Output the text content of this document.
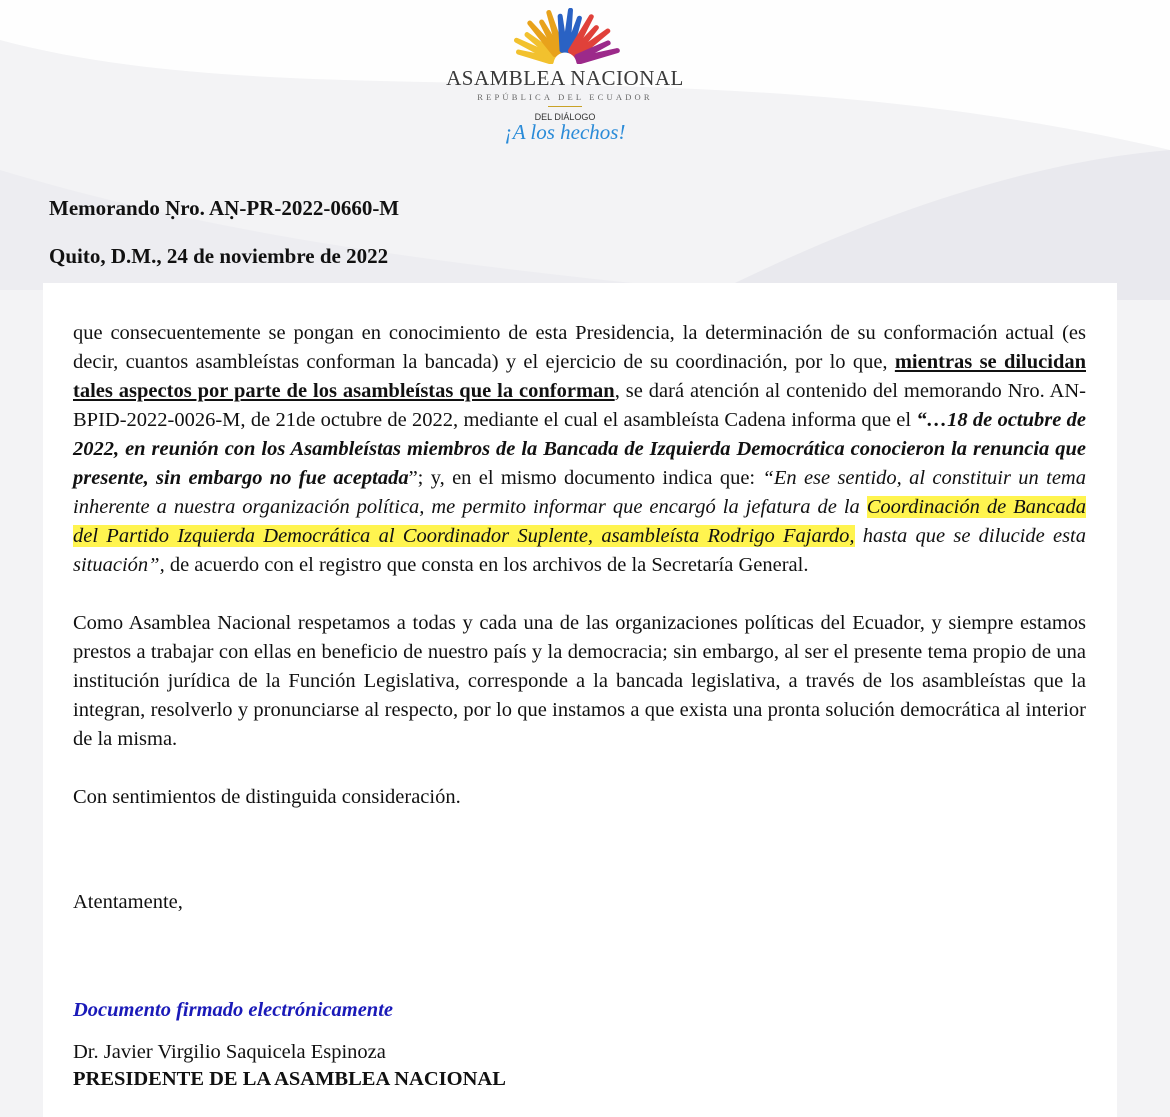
ASAMBLEA NACIONAL
REPÚBLICA DEL ECUADOR
DEL DIÁLOGO
¡A los hechos!
Memorando Ṇro. AṆ-PR-2022-0660-M
Quito, D.M., 24 de noviembre de 2022

que consecuentemente se pongan en conocimiento de esta Presidencia, la determinación de su conformación actual (es decir, cuantos asambleístas conforman la bancada) y el ejercicio de su coordinación, por lo que, mientras se dilucidan tales aspectos por parte de los asambleístas que la conforman, se dará atención al contenido del memorando Nro. AN-BPID-2022-0026-M, de 21de octubre de 2022, mediante el cual el asambleísta Cadena informa que el “…18 de octubre de 2022, en reunión con los Asambleístas miembros de la Bancada de Izquierda Democrática conocieron la renuncia que presente, sin embargo no fue aceptada”; y, en el mismo documento indica que: “En ese sentido, al constituir un tema inherente a nuestra organización política, me permito informar que encargó la jefatura de la Coordinación de Bancada del Partido Izquierda Democrática al Coordinador Suplente, asambleísta Rodrigo Fajardo, hasta que se dilucide esta situación”, de acuerdo con el registro que consta en los archivos de la Secretaría General.

Como Asamblea Nacional respetamos a todas y cada una de las organizaciones políticas del Ecuador, y siempre estamos prestos a trabajar con ellas en beneficio de nuestro país y la democracia; sin embargo, al ser el presente tema propio de una institución jurídica de la Función Legislativa, corresponde a la bancada legislativa, a través de los asambleístas que la integran, resolverlo y pronunciarse al respecto, por lo que instamos a que exista una pronta solución democrática al interior de la misma.

Con sentimientos de distinguida consideración.

Atentamente,
Documento firmado electrónicamente
Dr. Javier Virgilio Saquicela Espinoza
PRESIDENTE DE LA ASAMBLEA NACIONAL
